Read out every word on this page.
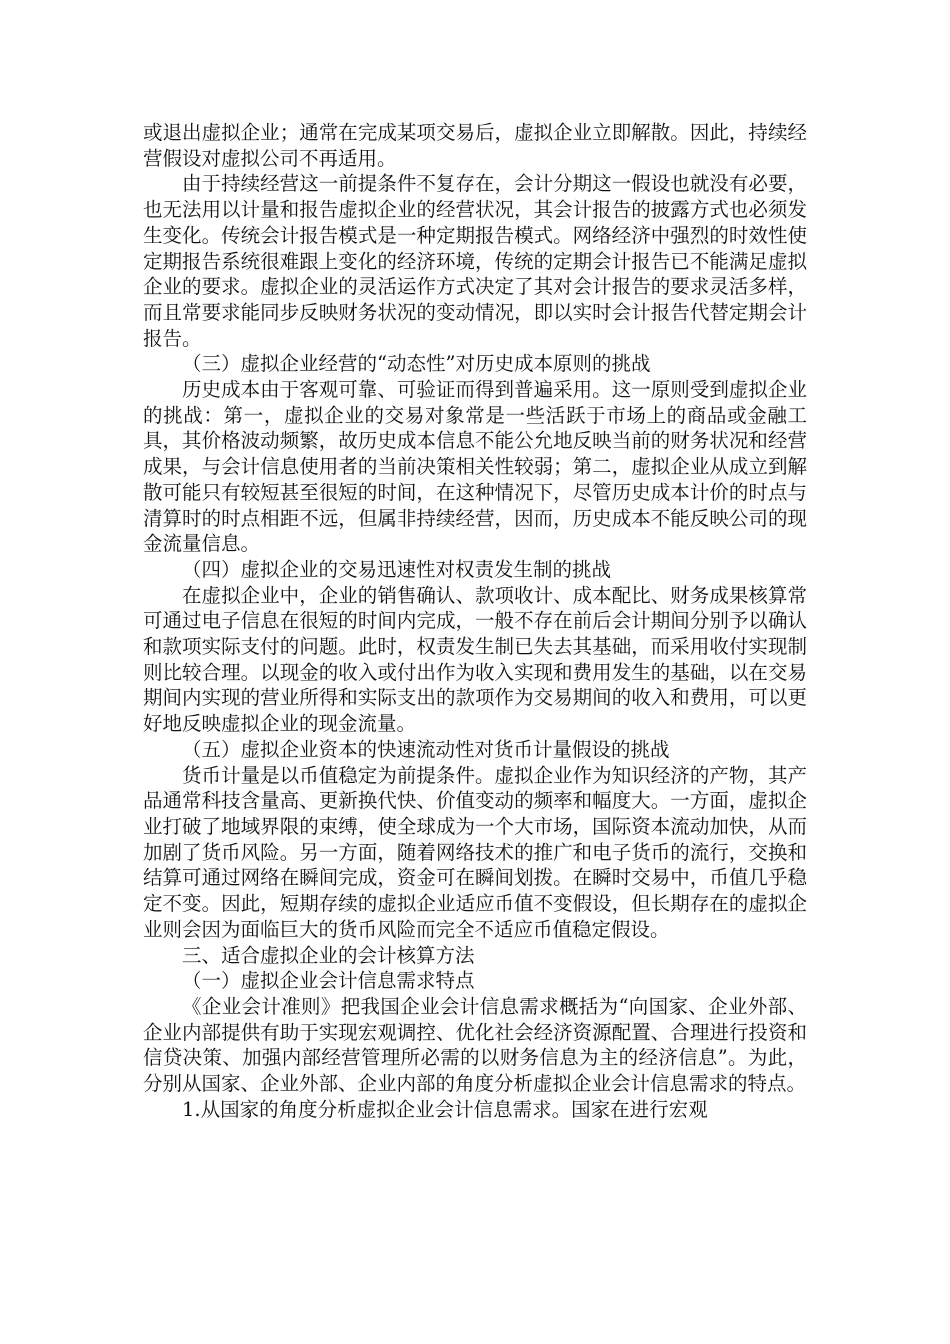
或退出虚拟企业；通常在完成某项交易后，虚拟企业立即解散。因此，持续经营假设对虚拟公司不再适用。

由于持续经营这一前提条件不复存在，会计分期这一假设也就没有必要，也无法用以计量和报告虚拟企业的经营状况，其会计报告的披露方式也必须发生变化。传统会计报告模式是一种定期报告模式。网络经济中强烈的时效性使定期报告系统很难跟上变化的经济环境，传统的定期会计报告已不能满足虚拟企业的要求。虚拟企业的灵活运作方式决定了其对会计报告的要求灵活多样，而且常要求能同步反映财务状况的变动情况，即以实时会计报告代替定期会计报告。

（三）虚拟企业经营的“动态性”对历史成本原则的挑战

历史成本由于客观可靠、可验证而得到普遍采用。这一原则受到虚拟企业的挑战：第一，虚拟企业的交易对象常是一些活跃于市场上的商品或金融工具，其价格波动频繁，故历史成本信息不能公允地反映当前的财务状况和经营成果，与会计信息使用者的当前决策相关性较弱；第二，虚拟企业从成立到解散可能只有较短甚至很短的时间，在这种情况下，尽管历史成本计价的时点与清算时的时点相距不远，但属非持续经营，因而，历史成本不能反映公司的现金流量信息。

（四）虚拟企业的交易迅速性对权责发生制的挑战

在虚拟企业中，企业的销售确认、款项收计、成本配比、财务成果核算常可通过电子信息在很短的时间内完成，一般不存在前后会计期间分别予以确认和款项实际支付的问题。此时，权责发生制已失去其基础，而采用收付实现制则比较合理。以现金的收入或付出作为收入实现和费用发生的基础，以在交易期间内实现的营业所得和实际支出的款项作为交易期间的收入和费用，可以更好地反映虚拟企业的现金流量。

（五）虚拟企业资本的快速流动性对货币计量假设的挑战

货币计量是以币值稳定为前提条件。虚拟企业作为知识经济的产物，其产品通常科技含量高、更新换代快、价值变动的频率和幅度大。一方面，虚拟企业打破了地域界限的束缚，使全球成为一个大市场，国际资本流动加快，从而加剧了货币风险。另一方面，随着网络技术的推广和电子货币的流行，交换和结算可通过网络在瞬间完成，资金可在瞬间划拨。在瞬时交易中，币值几乎稳定不变。因此，短期存续的虚拟企业适应币值不变假设，但长期存在的虚拟企业则会因为面临巨大的货币风险而完全不适应币值稳定假设。

三、适合虚拟企业的会计核算方法

（一）虚拟企业会计信息需求特点

《企业会计准则》把我国企业会计信息需求概括为“向国家、企业外部、企业内部提供有助于实现宏观调控、优化社会经济资源配置、合理进行投资和信贷决策、加强内部经营管理所必需的以财务信息为主的经济信息”。为此，分别从国家、企业外部、企业内部的角度分析虚拟企业会计信息需求的特点。

1.从国家的角度分析虚拟企业会计信息需求。国家在进行宏观
